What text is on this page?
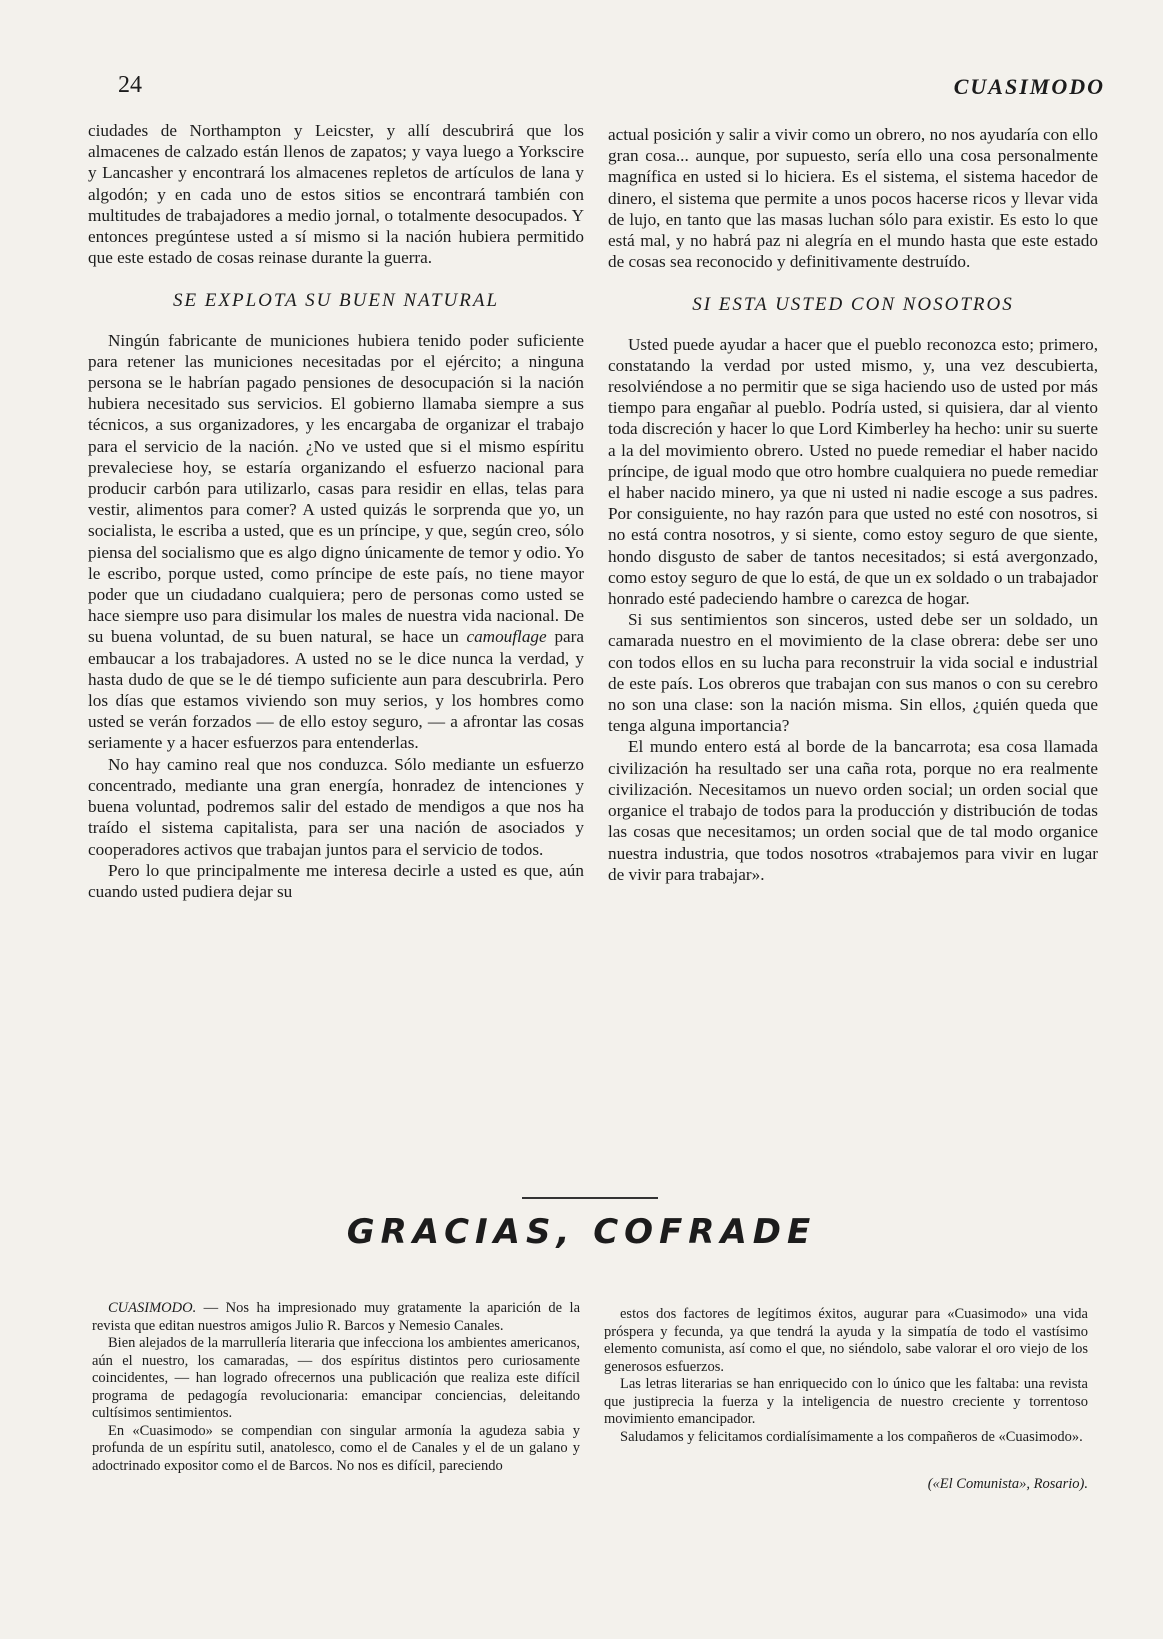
24	CUASIMODO

ciudades de Northampton y Leicster, y allí descubrirá que los almacenes de calzado están llenos de zapatos; y vaya luego a Yorkscire y Lancasher y encontrará los almacenes repletos de artículos de lana y algodón; y en cada uno de estos sitios se encontrará también con multitudes de trabajadores a medio jornal, o totalmente desocupados. Y entonces pregúntese usted a sí mismo si la nación hubiera permitido que este estado de cosas reinase durante la guerra.

SE EXPLOTA SU BUEN NATURAL

Ningún fabricante de municiones hubiera tenido poder suficiente para retener las municiones necesitadas por el ejército; a ninguna persona se le habrían pagado pensiones de desocupación si la nación hubiera necesitado sus servicios. El gobierno llamaba siempre a sus técnicos, a sus organizadores, y les encargaba de organizar el trabajo para el servicio de la nación. ¿No ve usted que si el mismo espíritu prevaleciese hoy, se estaría organizando el esfuerzo nacional para producir carbón para utilizarlo, casas para residir en ellas, telas para vestir, alimentos para comer? A usted quizás le sorprenda que yo, un socialista, le escriba a usted, que es un príncipe, y que, según creo, sólo piensa del socialismo que es algo digno únicamente de temor y odio. Yo le escribo, porque usted, como príncipe de este país, no tiene mayor poder que un ciudadano cualquiera; pero de personas como usted se hace siempre uso para disimular los males de nuestra vida nacional. De su buena voluntad, de su buen natural, se hace un camouflage para embaucar a los trabajadores. A usted no se le dice nunca la verdad, y hasta dudo de que se le dé tiempo suficiente aun para descubrirla. Pero los días que estamos viviendo son muy serios, y los hombres como usted se verán forzados — de ello estoy seguro, — a afrontar las cosas seriamente y a hacer esfuerzos para entenderlas.

No hay camino real que nos conduzca. Sólo mediante un esfuerzo concentrado, mediante una gran energía, honradez de intenciones y buena voluntad, podremos salir del estado de mendigos a que nos ha traído el sistema capitalista, para ser una nación de asociados y cooperadores activos que trabajan juntos para el servicio de todos.

Pero lo que principalmente me interesa decirle a usted es que, aún cuando usted pudiera dejar su

actual posición y salir a vivir como un obrero, no nos ayudaría con ello gran cosa... aunque, por supuesto, sería ello una cosa personalmente magnífica en usted si lo hiciera. Es el sistema, el sistema hacedor de dinero, el sistema que permite a unos pocos hacerse ricos y llevar vida de lujo, en tanto que las masas luchan sólo para existir. Es esto lo que está mal, y no habrá paz ni alegría en el mundo hasta que este estado de cosas sea reconocido y definitivamente destruído.

SI ESTA USTED CON NOSOTROS

Usted puede ayudar a hacer que el pueblo reconozca esto; primero, constatando la verdad por usted mismo, y, una vez descubierta, resolviéndose a no permitir que se siga haciendo uso de usted por más tiempo para engañar al pueblo. Podría usted, si quisiera, dar al viento toda discreción y hacer lo que Lord Kimberley ha hecho: unir su suerte a la del movimiento obrero. Usted no puede remediar el haber nacido príncipe, de igual modo que otro hombre cualquiera no puede remediar el haber nacido minero, ya que ni usted ni nadie escoge a sus padres. Por consiguiente, no hay razón para que usted no esté con nosotros, si no está contra nosotros, y si siente, como estoy seguro de que siente, hondo disgusto de saber de tantos necesitados; si está avergonzado, como estoy seguro de que lo está, de que un ex soldado o un trabajador honrado esté padeciendo hambre o carezca de hogar.

Si sus sentimientos son sinceros, usted debe ser un soldado, un camarada nuestro en el movimiento de la clase obrera: debe ser uno con todos ellos en su lucha para reconstruir la vida social e industrial de este país. Los obreros que trabajan con sus manos o con su cerebro no son una clase: son la nación misma. Sin ellos, ¿quién queda que tenga alguna importancia?

El mundo entero está al borde de la bancarrota; esa cosa llamada civilización ha resultado ser una caña rota, porque no era realmente civilización. Necesitamos un nuevo orden social; un orden social que organice el trabajo de todos para la producción y distribución de todas las cosas que necesitamos; un orden social que de tal modo organice nuestra industria, que todos nosotros «trabajemos para vivir en lugar de vivir para trabajar».

GRACIAS, COFRADE

CUASIMODO. — Nos ha impresionado muy gratamente la aparición de la revista que editan nuestros amigos Julio R. Barcos y Nemesio Canales.

Bien alejados de la marrullería literaria que infecciona los ambientes americanos, aún el nuestro, los camaradas, — dos espíritus distintos pero curiosamente coincidentes, — han logrado ofrecernos una publicación que realiza este difícil programa de pedagogía revolucionaria: emancipar conciencias, deleitando cultísimos sentimientos.

En «Cuasimodo» se compendian con singular armonía la agudeza sabia y profunda de un espíritu sutil, anatolesco, como el de Canales y el de un galano y adoctrinado expositor como el de Barcos. No nos es difícil, pareciendo

estos dos factores de legítimos éxitos, augurar para «Cuasimodo» una vida próspera y fecunda, ya que tendrá la ayuda y la simpatía de todo el vastísimo elemento comunista, así como el que, no siéndolo, sabe valorar el oro viejo de los generosos esfuerzos.

Las letras literarias se han enriquecido con lo único que les faltaba: una revista que justiprecia la fuerza y la inteligencia de nuestro creciente y torrentoso movimiento emancipador.

Saludamos y felicitamos cordialísimamente a los compañeros de «Cuasimodo».

(«El Comunista», Rosario).
